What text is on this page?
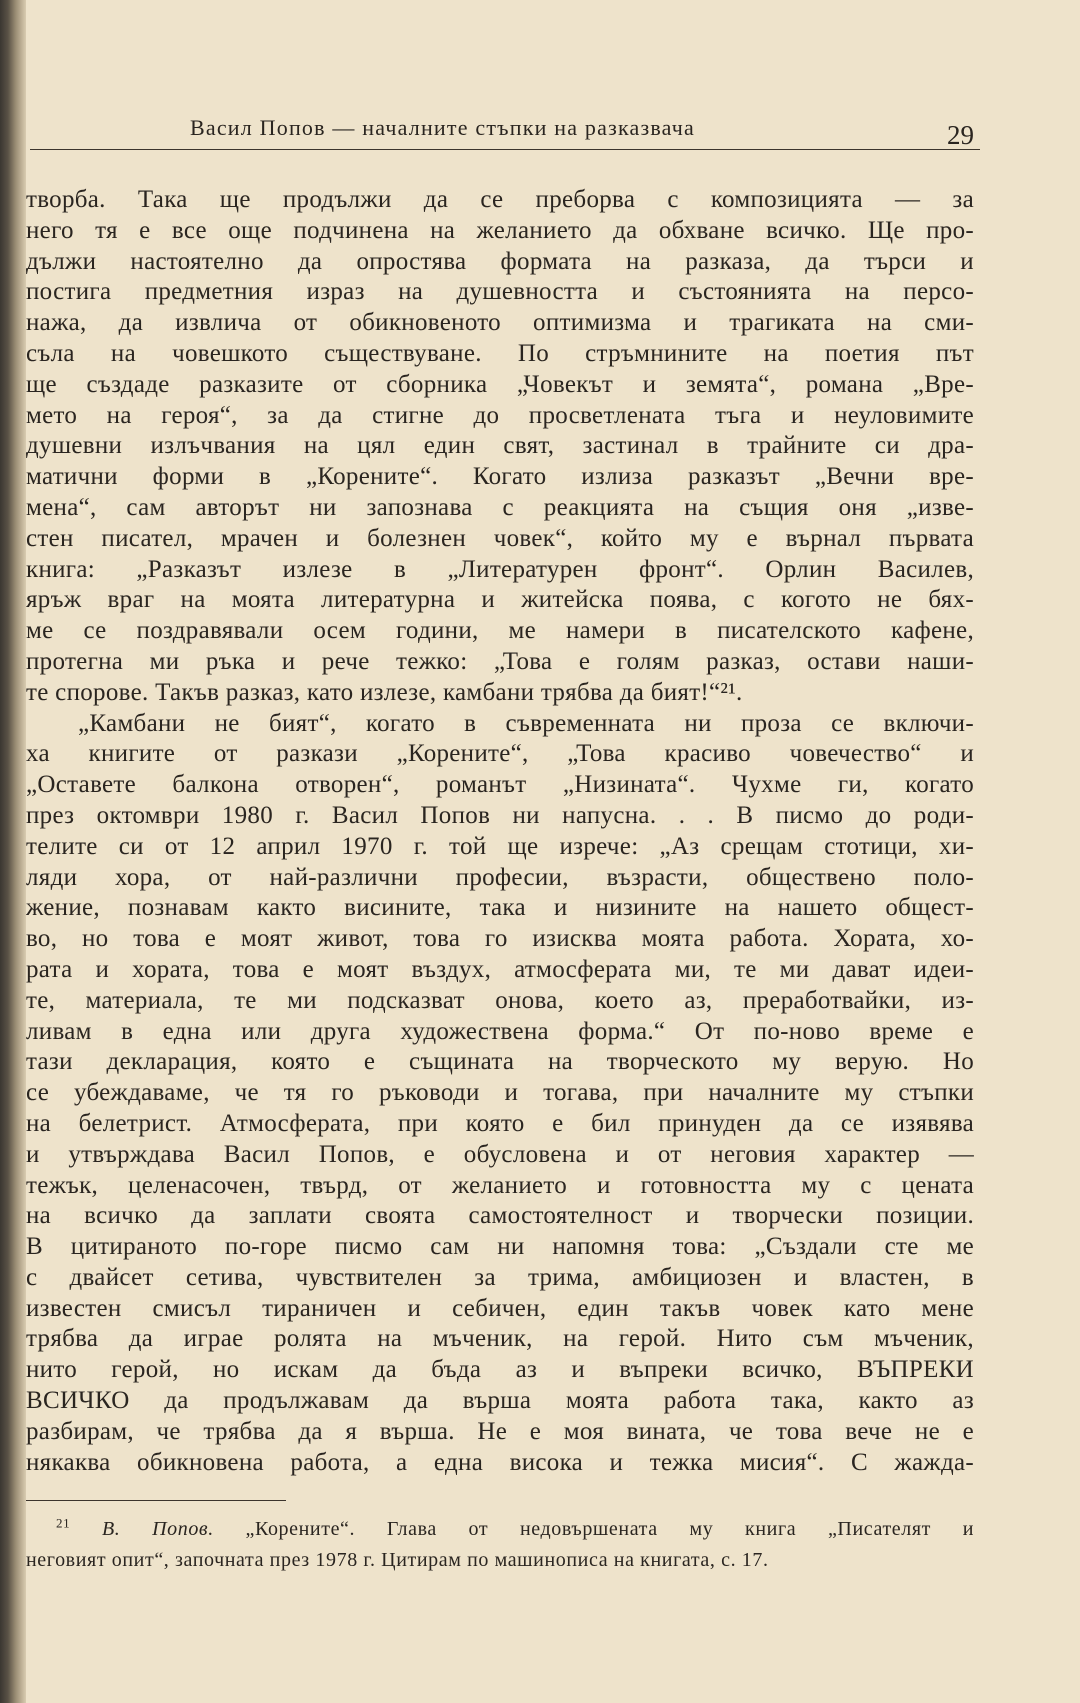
Васил Попов — началните стъпки на разказвача	29
творба. Така ще продължи да се преборва с композицията — за
него тя е все още подчинена на желанието да обхване всичко. Ще про-
дължи настоятелно да опростява формата на разказа, да търси и
постига предметния израз на душевността и състоянията на персо-
нажа, да извлича от обикновеното оптимизма и трагиката на сми-
съла на човешкото съществуване. По стръмнините на поетия път
ще създаде разказите от сборника „Човекът и земята“, романа „Вре-
мето на героя“, за да стигне до просветлената тъга и неуловимите
душевни излъчвания на цял един свят, застинал в трайните си дра-
матични форми в „Корените“. Когато излиза разказът „Вечни вре-
мена“, сам авторът ни запознава с реакцията на същия оня „изве-
стен писател, мрачен и болезнен човек“, който му е върнал първата
книга: „Разказът излезе в „Литературен фронт“. Орлин Василев,
яръж враг на моята литературна и житейска поява, с когото не бях-
ме се поздравявали осем години, ме намери в писателското кафене,
протегна ми ръка и рече тежко: „Това е голям разказ, остави наши-
те спорове. Такъв разказ, като излезе, камбани трябва да бият!“²¹.
„Камбани не бият“, когато в съвременната ни проза се включи-
ха книгите от разкази „Корените“, „Това красиво човечество“ и
„Оставете балкона отворен“, романът „Низината“. Чухме ги, когато
през октомври 1980 г. Васил Попов ни напусна. . . В писмо до роди-
телите си от 12 април 1970 г. той ще изрече: „Аз срещам стотици, хи-
ляди хора, от най-различни професии, възрасти, обществено поло-
жение, познавам както висините, така и низините на нашето общест-
во, но това е моят живот, това го изисква моята работа. Хората, хо-
рата и хората, това е моят въздух, атмосферата ми, те ми дават идеи-
те, материала, те ми подсказват онова, което аз, преработвайки, из-
ливам в една или друга художествена форма.“ От по-ново време е
тази декларация, която е същината на творческото му верую. Но
се убеждаваме, че тя го ръководи и тогава, при началните му стъпки
на белетрист. Атмосферата, при която е бил принуден да се изявява
и утвърждава Васил Попов, е обусловена и от неговия характер —
тежък, целенасочен, твърд, от желанието и готовността му с цената
на всичко да заплати своята самостоятелност и творчески позиции.
В цитираното по-горе писмо сам ни напомня това: „Създали сте ме
с двайсет сетива, чувствителен за трима, амбициозен и властен, в
известен смисъл тираничен и себичен, един такъв човек като мене
трябва да играе ролята на мъченик, на герой. Нито съм мъченик,
нито герой, но искам да бъда аз и въпреки всичко, ВЪПРЕКИ
ВСИЧКО да продължавам да върша моята работа така, както аз
разбирам, че трябва да я върша. Не е моя вината, че това вече не е
някаква обикновена работа, а една висока и тежка мисия“. С жажда-
$^{21}$ В. Попов. „Корените“. Глава от недовършената му книга „Писателят и
неговият опит“, започната през 1978 г. Цитирам по машинописа на книгата, с. 17.
